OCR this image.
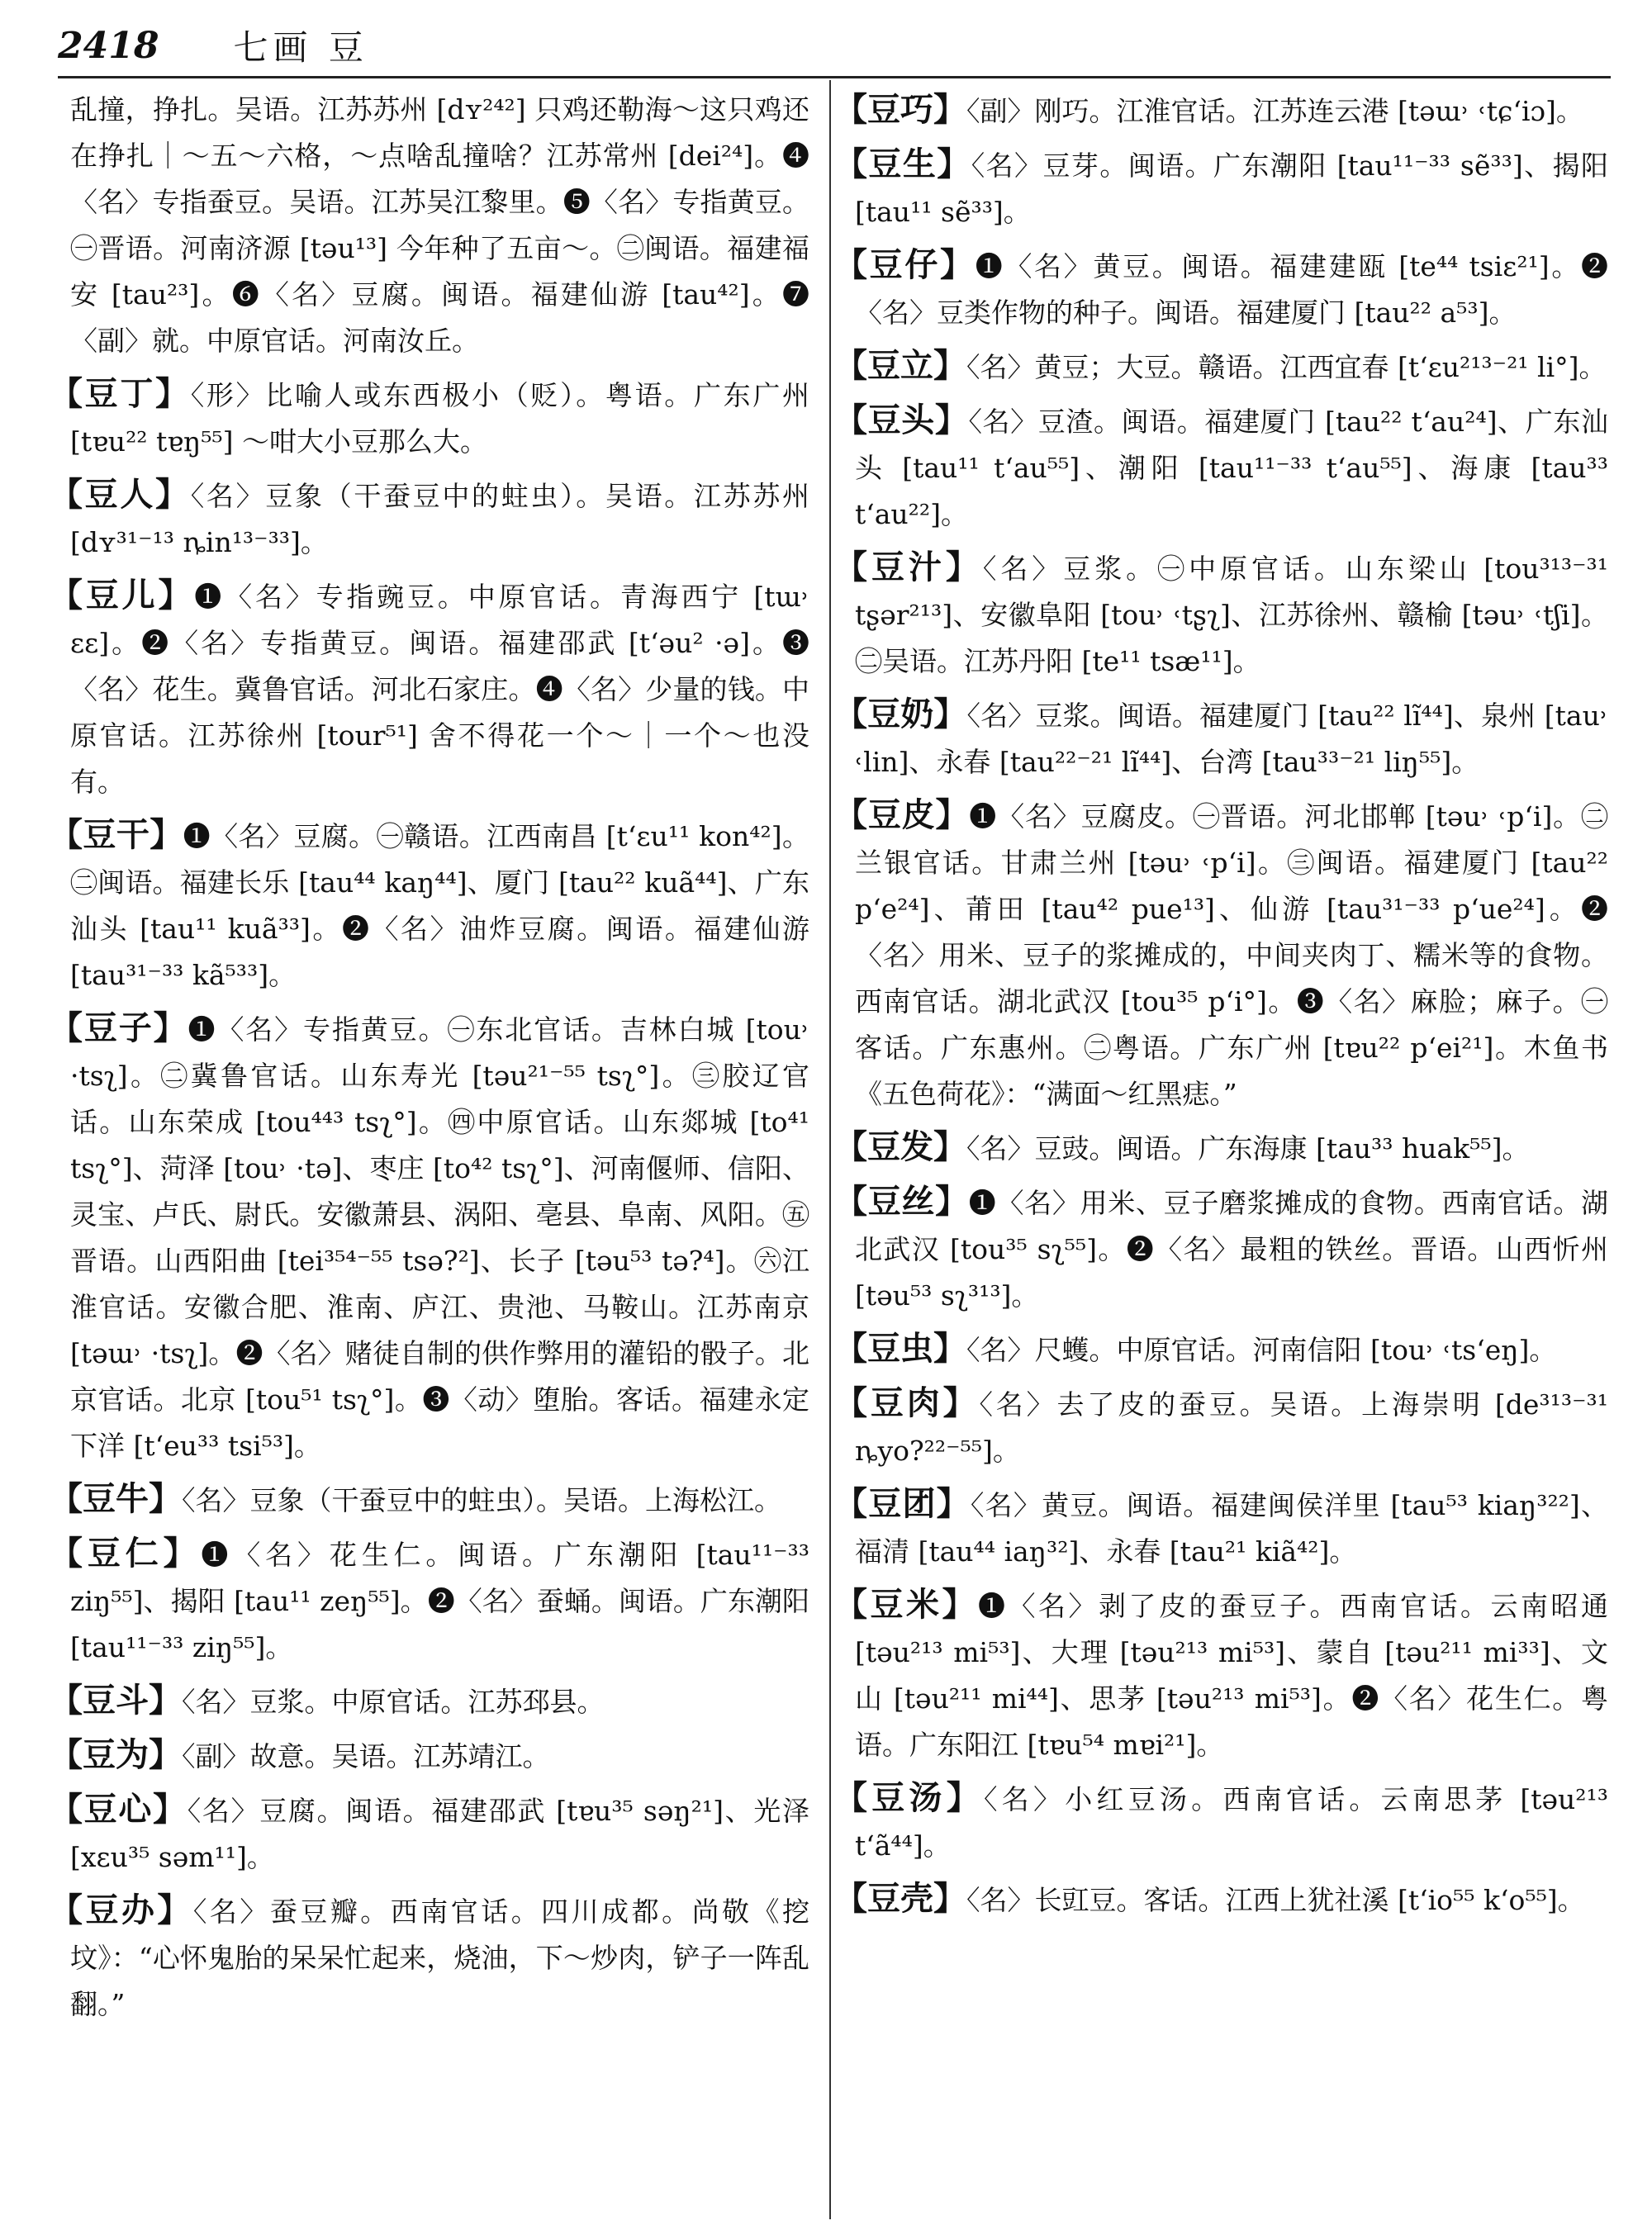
2418 七画 豆

乱撞，挣扎。吴语。江苏苏州 [dʏ²⁴²] 只鸡还勒海～这只鸡还在挣扎｜～五～六格，～点啥乱撞啥？江苏常州 [dei²⁴]。❹〈名〉专指蚕豆。吴语。江苏吴江黎里。❺〈名〉专指黄豆。㊀晋语。河南济源 [təu¹³] 今年种了五亩～。㊁闽语。福建福安 [tau²³]。❻〈名〉豆腐。闽语。福建仙游 [tau⁴²]。❼〈副〉就。中原官话。河南汝丘。

【豆丁】〈形〉比喻人或东西极小（贬）。粤语。广东广州 [tɐu²² tɐŋ⁵⁵] ～咁大小豆那么大。

【豆人】〈名〉豆象（干蚕豆中的蛀虫）。吴语。江苏苏州 [dʏ³¹⁻¹³ ȵin¹³⁻³³]。

【豆儿】❶〈名〉专指豌豆。中原官话。青海西宁 [tɯ˒ ɛɛ]。❷〈名〉专指黄豆。闽语。福建邵武 [tʻəu² ·ə]。❸〈名〉花生。冀鲁官话。河北石家庄。❹〈名〉少量的钱。中原官话。江苏徐州 [tour⁵¹] 舍不得花一个～｜一个～也没有。

【豆干】❶〈名〉豆腐。㊀赣语。江西南昌 [tʻɛu¹¹ kon⁴²]。㊁闽语。福建长乐 [tau⁴⁴ kaŋ⁴⁴]、厦门 [tau²² kuã⁴⁴]、广东汕头 [tau¹¹ kuã³³]。❷〈名〉油炸豆腐。闽语。福建仙游 [tau³¹⁻³³ kã⁵³³]。

【豆子】❶〈名〉专指黄豆。㊀东北官话。吉林白城 [tou˒ ·tsʅ]。㊁冀鲁官话。山东寿光 [təu²¹⁻⁵⁵ tsʅ°]。㊂胶辽官话。山东荣成 [tou⁴⁴³ tsʅ°]。㊃中原官话。山东郯城 [to⁴¹ tsʅ°]、菏泽 [tou˒ ·tə]、枣庄 [to⁴² tsʅ°]、河南偃师、信阳、灵宝、卢氏、尉氏。安徽萧县、涡阳、亳县、阜南、风阳。㊄晋语。山西阳曲 [tei³⁵⁴⁻⁵⁵ tsə?²]、长子 [təu⁵³ tə?⁴]。㊅江淮官话。安徽合肥、淮南、庐江、贵池、马鞍山。江苏南京 [təɯ˒ ·tsʅ]。❷〈名〉赌徒自制的供作弊用的灌铅的骰子。北京官话。北京 [tou⁵¹ tsʅ°]。❸〈动〉堕胎。客话。福建永定下洋 [tʻeu³³ tsi⁵³]。

【豆牛】〈名〉豆象（干蚕豆中的蛀虫）。吴语。上海松江。

【豆仁】❶〈名〉花生仁。闽语。广东潮阳 [tau¹¹⁻³³ ziŋ⁵⁵]、揭阳 [tau¹¹ zeŋ⁵⁵]。❷〈名〉蚕蛹。闽语。广东潮阳 [tau¹¹⁻³³ ziŋ⁵⁵]。

【豆斗】〈名〉豆浆。中原官话。江苏邳县。

【豆为】〈副〉故意。吴语。江苏靖江。

【豆心】〈名〉豆腐。闽语。福建邵武 [tɐu³⁵ səŋ²¹]、光泽 [xɛu³⁵ səm¹¹]。

【豆办】〈名〉蚕豆瓣。西南官话。四川成都。尚敬《挖坟》：“心怀鬼胎的呆呆忙起来，烧油，下～炒肉，铲子一阵乱翻。”

【豆巧】〈副〉刚巧。江淮官话。江苏连云港 [təɯ˒ ˓tɕʻiɔ]。

【豆生】〈名〉豆芽。闽语。广东潮阳 [tau¹¹⁻³³ sẽ³³]、揭阳 [tau¹¹ sẽ³³]。

【豆仔】❶〈名〉黄豆。闽语。福建建瓯 [te⁴⁴ tsiɛ²¹]。❷〈名〉豆类作物的种子。闽语。福建厦门 [tau²² a⁵³]。

【豆立】〈名〉黄豆；大豆。赣语。江西宜春 [tʻɛu²¹³⁻²¹ li°]。

【豆头】〈名〉豆渣。闽语。福建厦门 [tau²² tʻau²⁴]、广东汕头 [tau¹¹ tʻau⁵⁵]、潮阳 [tau¹¹⁻³³ tʻau⁵⁵]、海康 [tau³³ tʻau²²]。

【豆汁】〈名〉豆浆。㊀中原官话。山东梁山 [tou³¹³⁻³¹ tʂər²¹³]、安徽阜阳 [tou˒ ˓tʂʅ]、江苏徐州、赣榆 [təu˒ ˓tʃi]。㊁吴语。江苏丹阳 [te¹¹ tsæ¹¹]。

【豆奶】〈名〉豆浆。闽语。福建厦门 [tau²² lĩ⁴⁴]、泉州 [tau˒ ˓lin]、永春 [tau²²⁻²¹ lĩ⁴⁴]、台湾 [tau³³⁻²¹ liŋ⁵⁵]。

【豆皮】❶〈名〉豆腐皮。㊀晋语。河北邯郸 [təu˒ ˓pʻi]。㊁兰银官话。甘肃兰州 [təu˒ ˓pʻi]。㊂闽语。福建厦门 [tau²² pʻe²⁴]、莆田 [tau⁴² pue¹³]、仙游 [tau³¹⁻³³ pʻue²⁴]。❷〈名〉用米、豆子的浆摊成的，中间夹肉丁、糯米等的食物。西南官话。湖北武汉 [tou³⁵ pʻi°]。❸〈名〉麻脸；麻子。㊀客话。广东惠州。㊁粤语。广东广州 [tɐu²² pʻei²¹]。木鱼书《五色荷花》：“满面～红黑痣。”

【豆发】〈名〉豆豉。闽语。广东海康 [tau³³ huak⁵⁵]。

【豆丝】❶〈名〉用米、豆子磨浆摊成的食物。西南官话。湖北武汉 [tou³⁵ sʅ⁵⁵]。❷〈名〉最粗的铁丝。晋语。山西忻州 [təu⁵³ sʅ³¹³]。

【豆虫】〈名〉尺蠖。中原官话。河南信阳 [tou˒ ˓tsʻeŋ]。

【豆肉】〈名〉去了皮的蚕豆。吴语。上海崇明 [de³¹³⁻³¹ ȵyo?²²⁻⁵⁵]。

【豆团】〈名〉黄豆。闽语。福建闽侯洋里 [tau⁵³ kiaŋ³²²]、福清 [tau⁴⁴ iaŋ³²]、永春 [tau²¹ kiã⁴²]。

【豆米】❶〈名〉剥了皮的蚕豆子。西南官话。云南昭通 [təu²¹³ mi⁵³]、大理 [təu²¹³ mi⁵³]、蒙自 [təu²¹¹ mi³³]、文山 [təu²¹¹ mi⁴⁴]、思茅 [təu²¹³ mi⁵³]。❷〈名〉花生仁。粤语。广东阳江 [tɐu⁵⁴ mɐi²¹]。

【豆汤】〈名〉小红豆汤。西南官话。云南思茅 [təu²¹³ tʻã⁴⁴]。

【豆壳】〈名〉长豇豆。客话。江西上犹社溪 [tʻio⁵⁵ kʻo⁵⁵]。
